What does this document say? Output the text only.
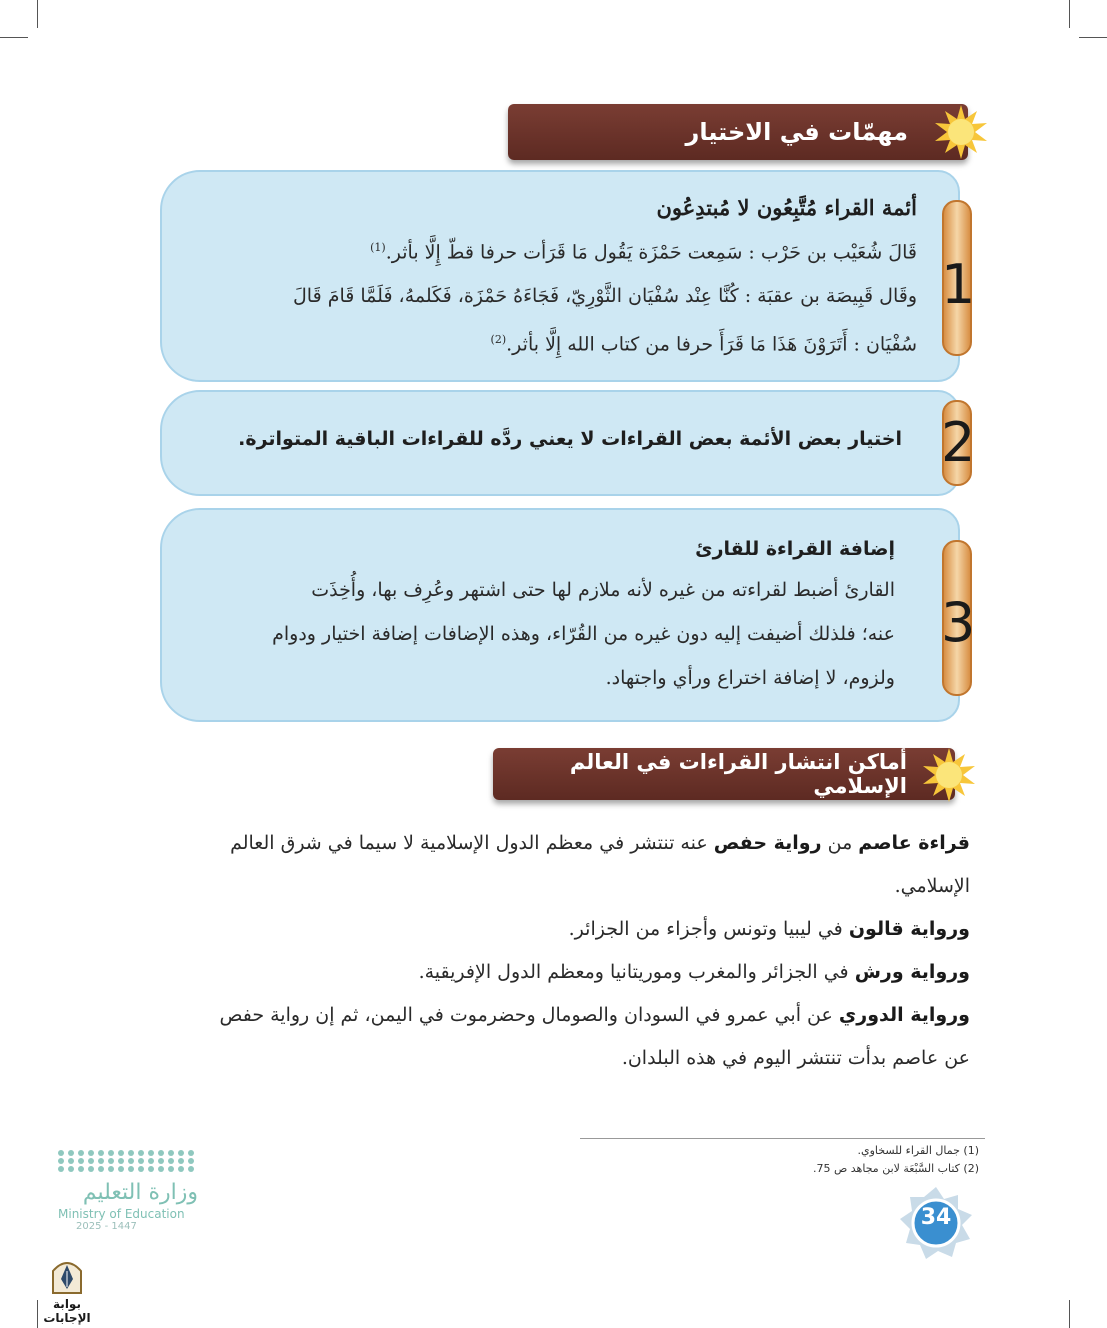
مهمّات في الاختيار
1
أئمة القراء مُتَّبِعُون لا مُبتدِعُون
قَالَ شُعَيْب بن حَرْب : سَمِعت حَمْزَة يَقُول مَا قَرَأت حرفا قطّ إِلَّا بأثر.$^{(1)}$
وقَال قَبِيصَة بن عقبَة : كُنَّا عِنْد سُفْيَان الثَّوْرِيّ، فَجَاءَهُ حَمْزَة، فَكَلمهُ، فَلَمَّا قَامَ قَالَ
سُفْيَان : أَتَرَوْنَ هَذَا مَا قَرَأَ حرفا من كتاب الله إِلَّا بأثر.$^{(2)}$
2
اختيار بعض الأئمة بعض القراءات لا يعني ردَّه للقراءات الباقية المتواترة.
3
إضافة القراءة للقارئ
القارئ أضبط لقراءته من غيره لأنه ملازم لها حتى اشتهر وعُرِف بها، وأُخِذَت
عنه؛ فلذلك أضيفت إليه دون غيره من القُرّاء، وهذه الإضافات إضافة اختيار ودوام
ولزوم، لا إضافة اختراع ورأي واجتهاد.
أماكن انتشار القراءات في العالم الإسلامي
قراءة عاصم من رواية حفص عنه تنتشر في معظم الدول الإسلامية لا سيما في شرق العالم
الإسلامي.
ورواية قالون في ليبيا وتونس وأجزاء من الجزائر.
ورواية ورش في الجزائر والمغرب وموريتانيا ومعظم الدول الإفريقية.
ورواية الدوري عن أبي عمرو في السودان والصومال وحضرموت في اليمن، ثم إن رواية حفص
عن عاصم بدأت تنتشر اليوم في هذه البلدان.
(1) جمال القراء للسخاوي.
(2) كتاب السَّبْعَة لابن مجاهد ص 75.
34
وزارة التعليم
Ministry of Education
2025 - 1447
بوابة الإجابات
